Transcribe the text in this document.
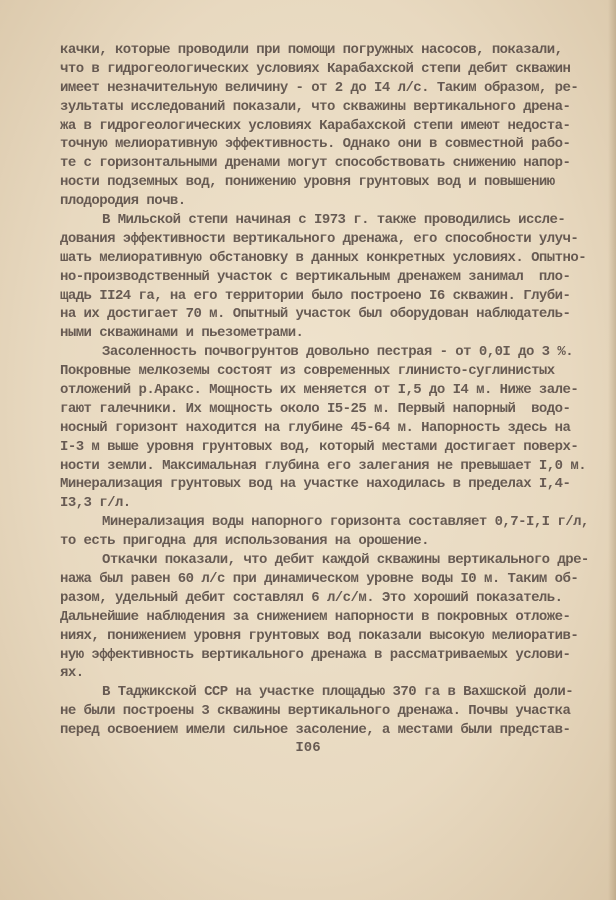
качки, которые проводили при помощи погружных насосов, показали,
что в гидрогеологических условиях Карабахской степи дебит скважин
имеет незначительную величину - от 2 до I4 л/с. Таким образом, ре-
зультаты исследований показали, что скважины вертикального дрена-
жа в гидрогеологических условиях Карабахской степи имеют недоста-
точную мелиоративную эффективность. Однако они в совместной рабо-
те с горизонтальными дренами могут способствовать снижению напор-
ности подземных вод, понижению уровня грунтовых вод и повышению
плодородия почв.
В Мильской степи начиная с I973 г. также проводились иссле-
дования эффективности вертикального дренажа, его способности улуч-
шать мелиоративную обстановку в данных конкретных условиях. Опытно-
но-производственный участок с вертикальным дренажем занимал  пло-
щадь II24 га, на его территории было построено I6 скважин. Глуби-
на их достигает 70 м. Опытный участок был оборудован наблюдатель-
ными скважинами и пьезометрами.
Засоленность почвогрунтов довольно пестрая - от 0,0I до 3 %.
Покровные мелкоземы состоят из современных глинисто-суглинистых
отложений р.Аракс. Мощность их меняется от I,5 до I4 м. Ниже зале-
гают галечники. Их мощность около I5-25 м. Первый напорный  водо-
носный горизонт находится на глубине 45-64 м. Напорность здесь на
I-3 м выше уровня грунтовых вод, который местами достигает поверх-
ности земли. Максимальная глубина его залегания не превышает I,0 м.
Минерализация грунтовых вод на участке находилась в пределах I,4-
I3,3 г/л.
Минерализация воды напорного горизонта составляет 0,7-I,I г/л,
то есть пригодна для использования на орошение.
Откачки показали, что дебит каждой скважины вертикального дре-
нажа был равен 60 л/с при динамическом уровне воды I0 м. Таким об-
разом, удельный дебит составлял 6 л/с/м. Это хороший показатель.
Дальнейшие наблюдения за снижением напорности в покровных отложе-
ниях, понижением уровня грунтовых вод показали высокую мелиоратив-
ную эффективность вертикального дренажа в рассматриваемых услови-
ях.
В Таджикской ССР на участке площадью 370 га в Вахшской доли-
не были построены 3 скважины вертикального дренажа. Почвы участка
перед освоением имели сильное засоление, а местами были представ-
I06
